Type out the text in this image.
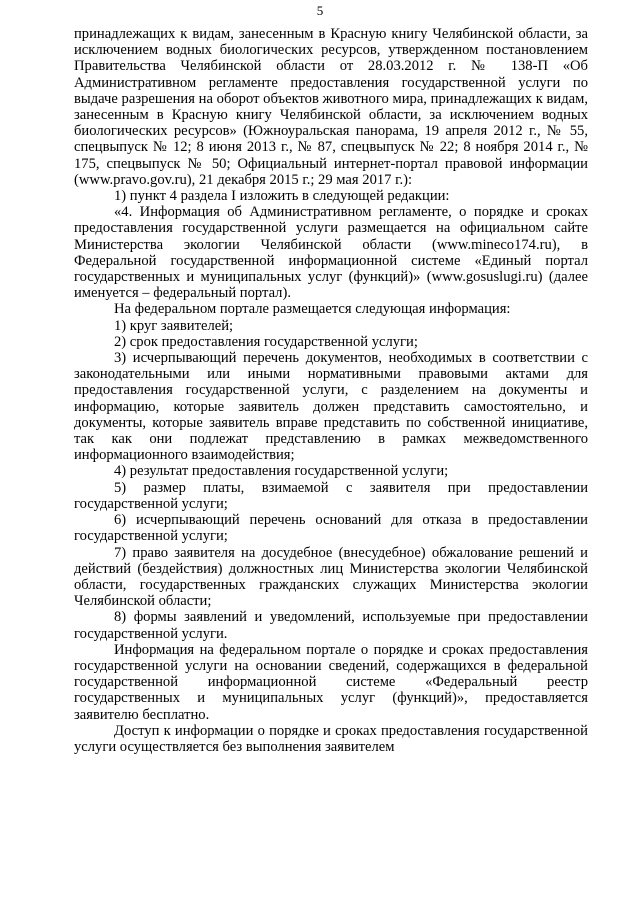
5

принадлежащих к видам, занесенным в Красную книгу Челябинской области, за исключением водных биологических ресурсов, утвержденном постановлением Правительства Челябинской области от 28.03.2012 г. № 138-П «Об Административном регламенте предоставления государственной услуги по выдаче разрешения на оборот объектов животного мира, принадлежащих к видам, занесенным в Красную книгу Челябинской области, за исключением водных биологических ресурсов» (Южноуральская панорама, 19 апреля 2012 г., № 55, спецвыпуск № 12; 8 июня 2013 г., № 87, спецвыпуск № 22; 8 ноября 2014 г., № 175, спецвыпуск № 50; Официальный интернет-портал правовой информации (www.pravo.gov.ru), 21 декабря 2015 г.; 29 мая 2017 г.):

1) пункт 4 раздела I изложить в следующей редакции:

«4. Информация об Административном регламенте, о порядке и сроках предоставления государственной услуги размещается на официальном сайте Министерства экологии Челябинской области (www.mineco174.ru), в Федеральной государственной информационной системе «Единый портал государственных и муниципальных услуг (функций)» (www.gosuslugi.ru) (далее именуется – федеральный портал).

На федеральном портале размещается следующая информация:

1) круг заявителей;

2) срок предоставления государственной услуги;

3) исчерпывающий перечень документов, необходимых в соответствии с законодательными или иными нормативными правовыми актами для предоставления государственной услуги, с разделением на документы и информацию, которые заявитель должен представить самостоятельно, и документы, которые заявитель вправе представить по собственной инициативе, так как они подлежат представлению в рамках межведомственного информационного взаимодействия;

4) результат предоставления государственной услуги;

5) размер платы, взимаемой с заявителя при предоставлении государственной услуги;

6) исчерпывающий перечень оснований для отказа в предоставлении государственной услуги;

7) право заявителя на досудебное (внесудебное) обжалование решений и действий (бездействия) должностных лиц Министерства экологии Челябинской области, государственных гражданских служащих Министерства экологии Челябинской области;

8) формы заявлений и уведомлений, используемые при предоставлении государственной услуги.

Информация на федеральном портале о порядке и сроках предоставления государственной услуги на основании сведений, содержащихся в федеральной государственной информационной системе «Федеральный реестр государственных и муниципальных услуг (функций)», предоставляется заявителю бесплатно.

Доступ к информации о порядке и сроках предоставления государственной услуги осуществляется без выполнения заявителем
